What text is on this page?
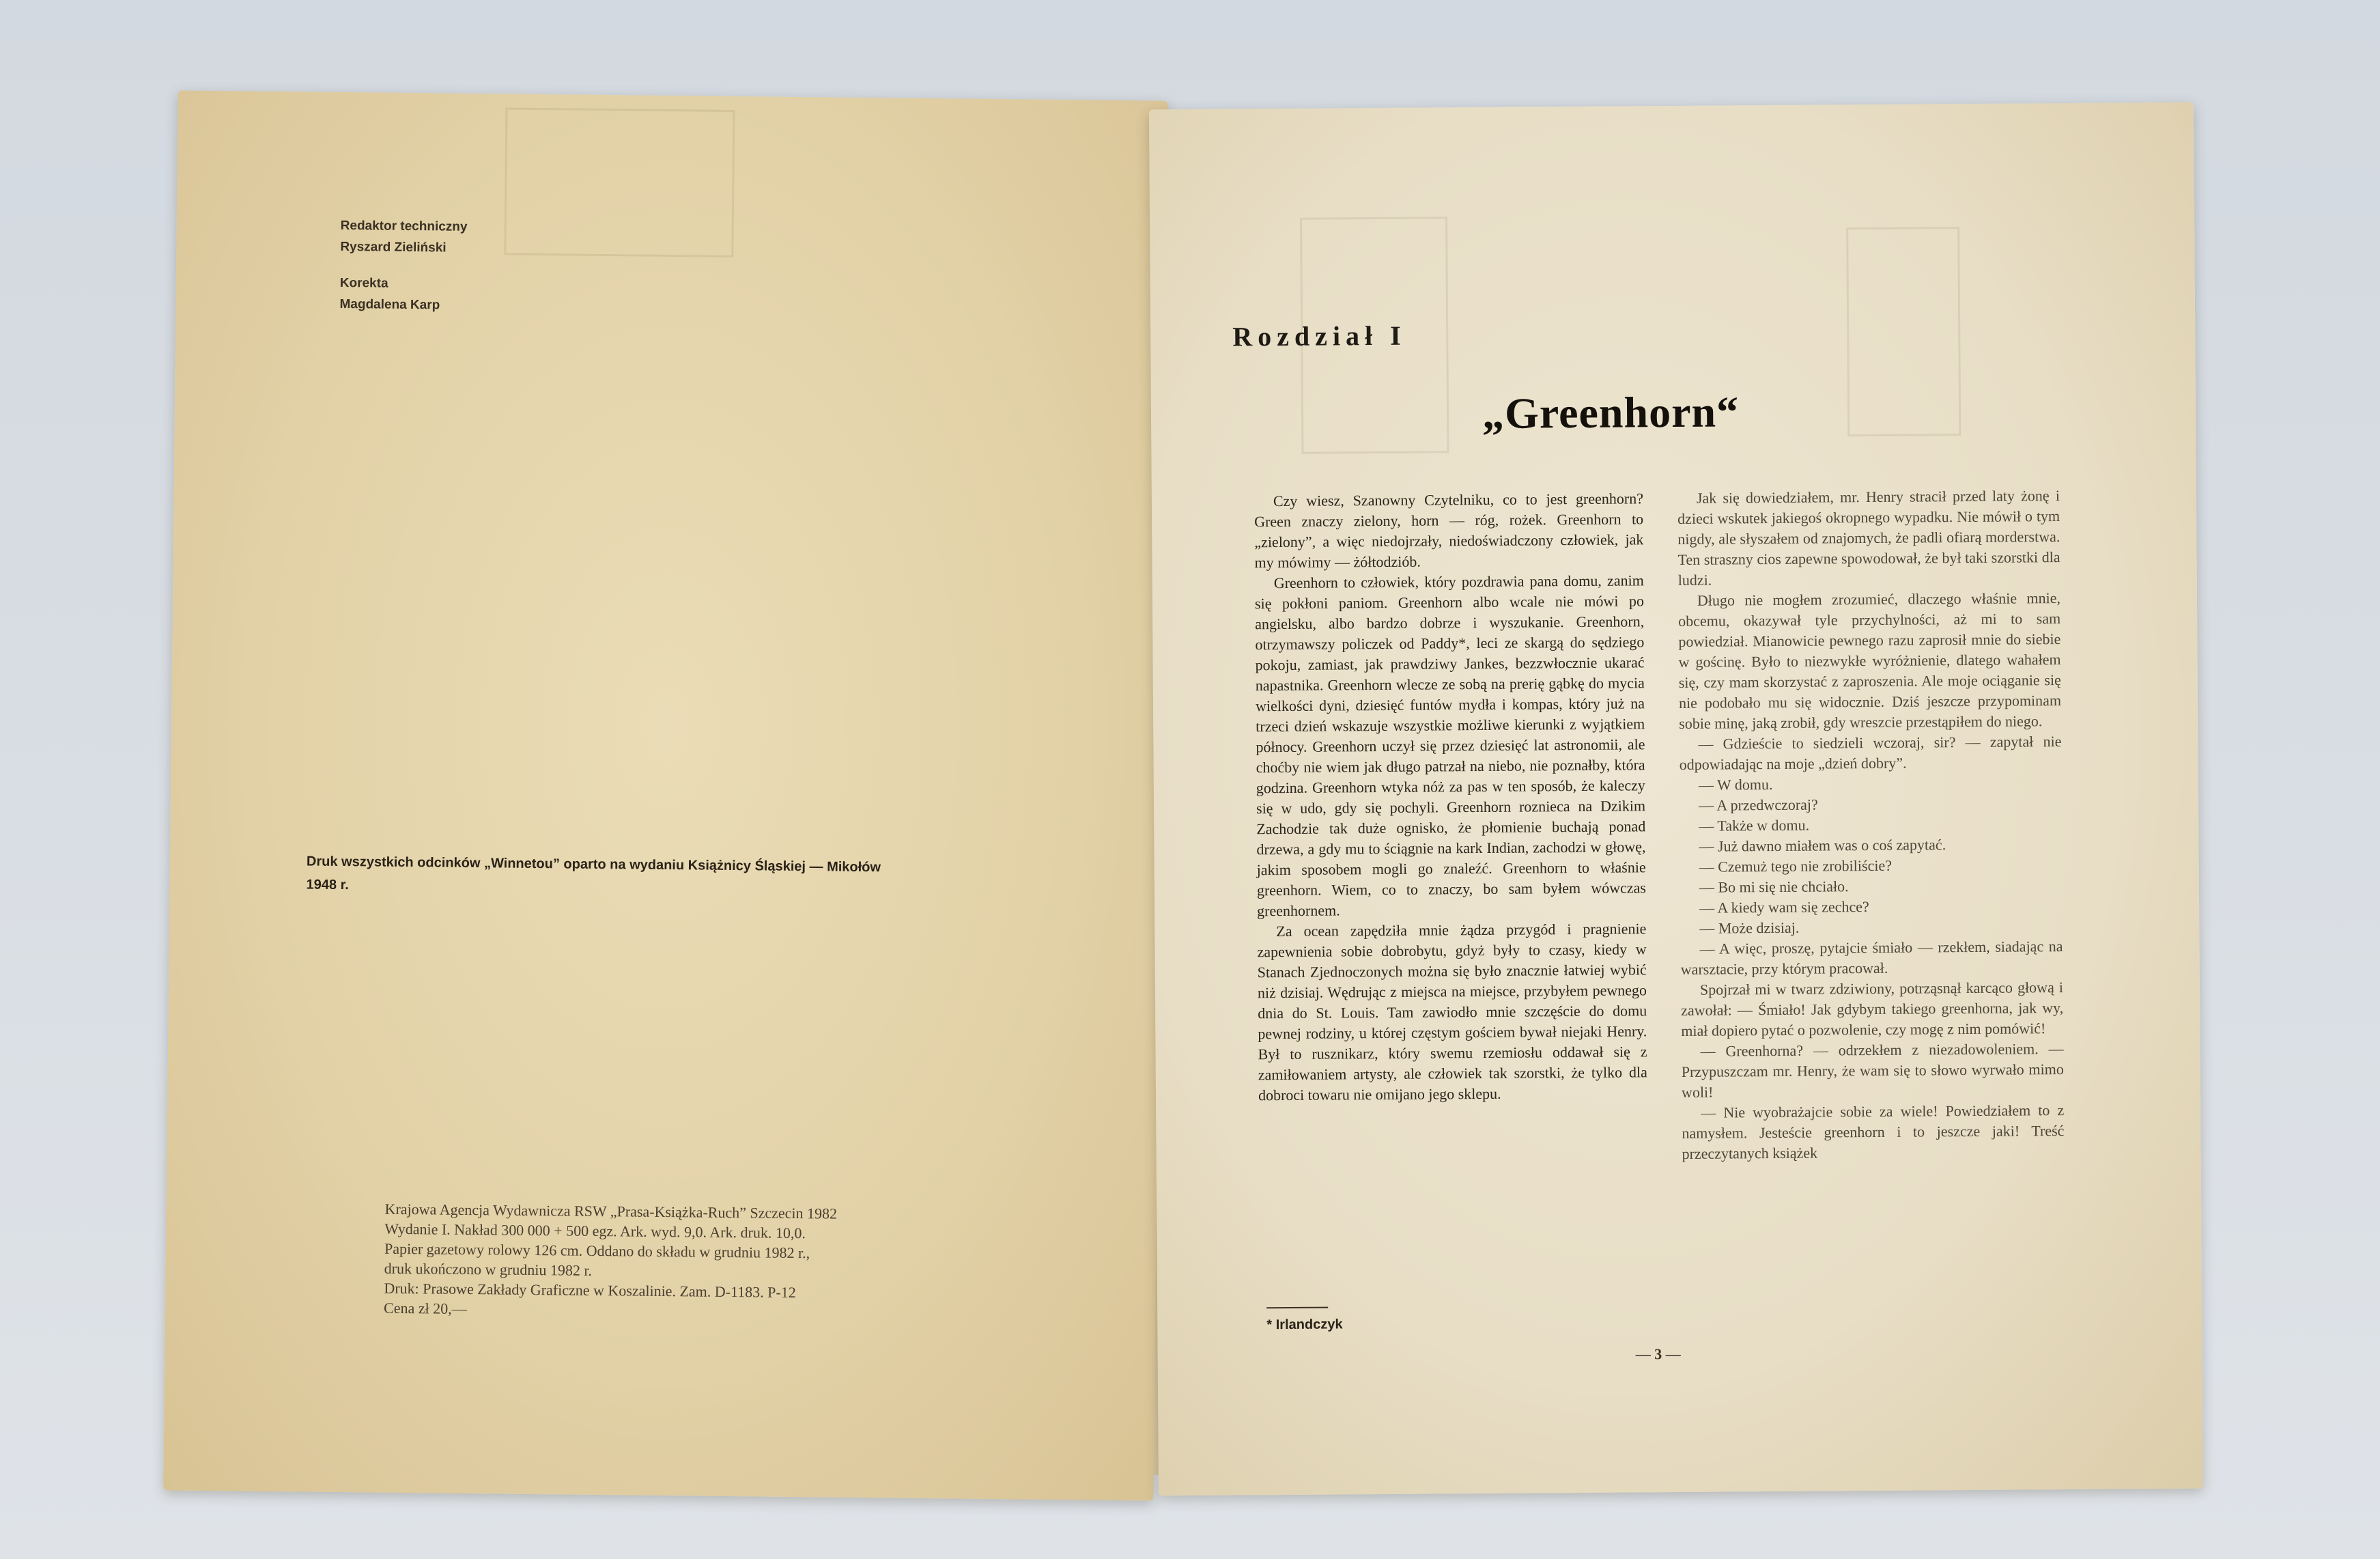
Redaktor techniczny
Ryszard Zieliński
Korekta
Magdalena Karp
Druk wszystkich odcinków „Winnetou” oparto na wydaniu Książnicy Śląskiej — Mikołów 1948 r.
Krajowa Agencja Wydawnicza RSW „Prasa-Książka-Ruch” Szczecin 1982
Wydanie I. Nakład 300 000 + 500 egz. Ark. wyd. 9,0. Ark. druk. 10,0.
Papier gazetowy rolowy 126 cm. Oddano do składu w grudniu 1982 r.,
druk ukończono w grudniu 1982 r.
Druk: Prasowe Zakłady Graficzne w Koszalinie. Zam. D-1183. P-12
Cena zł 20,—
Rozdział I
„Greenhorn“

Czy wiesz, Szanowny Czytelniku, co to jest greenhorn? Green znaczy zielony, horn — róg, rożek. Greenhorn to „zielony”, a więc niedojrzały, niedoświadczony człowiek, jak my mówimy — żółtodziób.

Greenhorn to człowiek, który pozdrawia pana domu, zanim się pokłoni paniom. Greenhorn albo wcale nie mówi po angielsku, albo bardzo dobrze i wyszukanie. Greenhorn, otrzymawszy policzek od Paddy*, leci ze skargą do sędziego pokoju, zamiast, jak prawdziwy Jankes, bezzwłocznie ukarać napastnika. Greenhorn wlecze ze sobą na prerię gąbkę do mycia wielkości dyni, dziesięć funtów mydła i kompas, który już na trzeci dzień wskazuje wszystkie możliwe kierunki z wyjątkiem północy. Greenhorn uczył się przez dziesięć lat astronomii, ale choćby nie wiem jak długo patrzał na niebo, nie poznałby, która godzina. Greenhorn wtyka nóż za pas w ten sposób, że kaleczy się w udo, gdy się pochyli. Greenhorn rozniecа na Dzikim Zachodzie tak duże ognisko, że płomienie buchają ponad drzewa, a gdy mu to ściągnie na kark Indian, zachodzi w głowę, jakim sposobem mogli go znaleźć. Greenhorn to właśnie greenhorn. Wiem, co to znaczy, bo sam byłem wówczas greenhornem.

Za ocean zapędziła mnie żądza przygód i pragnienie zapewnienia sobie dobrobytu, gdyż były to czasy, kiedy w Stanach Zjednoczonych można się było znacznie łatwiej wybić niż dzisiaj. Wędrując z miejsca na miejsce, przybyłem pewnego dnia do St. Louis. Tam zawiodło mnie szczęście do domu pewnej rodziny, u której częstym gościem bywał niejaki Henry. Był to rusznikarz, który swemu rzemiosłu oddawał się z zamiłowaniem artysty, ale człowiek tak szorstki, że tylko dla dobroci towaru nie omijano jego sklepu.

Jak się dowiedziałem, mr. Henry stracił przed laty żonę i dzieci wskutek jakiegoś okropnego wypadku. Nie mówił o tym nigdy, ale słyszałem od znajomych, że padli ofiarą morderstwa. Ten straszny cios zapewne spowodował, że był taki szorstki dla ludzi.

Długo nie mogłem zrozumieć, dlaczego właśnie mnie, obcemu, okazywał tyle przychylności, aż mi to sam powiedział. Mianowicie pewnego razu zaprosił mnie do siebie w gościnę. Było to niezwykłe wyróżnienie, dlatego wahałem się, czy mam skorzystać z zaproszenia. Ale moje ociąganie się nie podobało mu się widocznie. Dziś jeszcze przypominam sobie minę, jaką zrobił, gdy wreszcie przestąpiłem do niego.

— Gdzieście to siedzieli wczoraj, sir? — zapytał nie odpowiadając na moje „dzień dobry”.

— W domu.

— A przedwczoraj?

— Także w domu.

— Już dawno miałem was o coś zapytać.

— Czemuż tego nie zrobiliście?

— Bo mi się nie chciało.

— A kiedy wam się zechce?

— Może dzisiaj.

— A więc, proszę, pytajcie śmiało — rzekłem, siadając na warsztacie, przy którym pracował.

Spojrzał mi w twarz zdziwiony, potrząsnął karcąco głową i zawołał: — Śmiało! Jak gdybym takiego greenhorna, jak wy, miał dopiero pytać o pozwolenie, czy mogę z nim pomówić!

— Greenhorna? — odrzekłem z niezadowoleniem. — Przypuszczam mr. Henry, że wam się to słowo wyrwało mimo woli!

— Nie wyobrażajcie sobie za wiele! Powiedziałem to z namysłem. Jesteście greenhorn i to jeszcze jaki! Treść przeczytanych książek

* Irlandczyk
— 3 —
